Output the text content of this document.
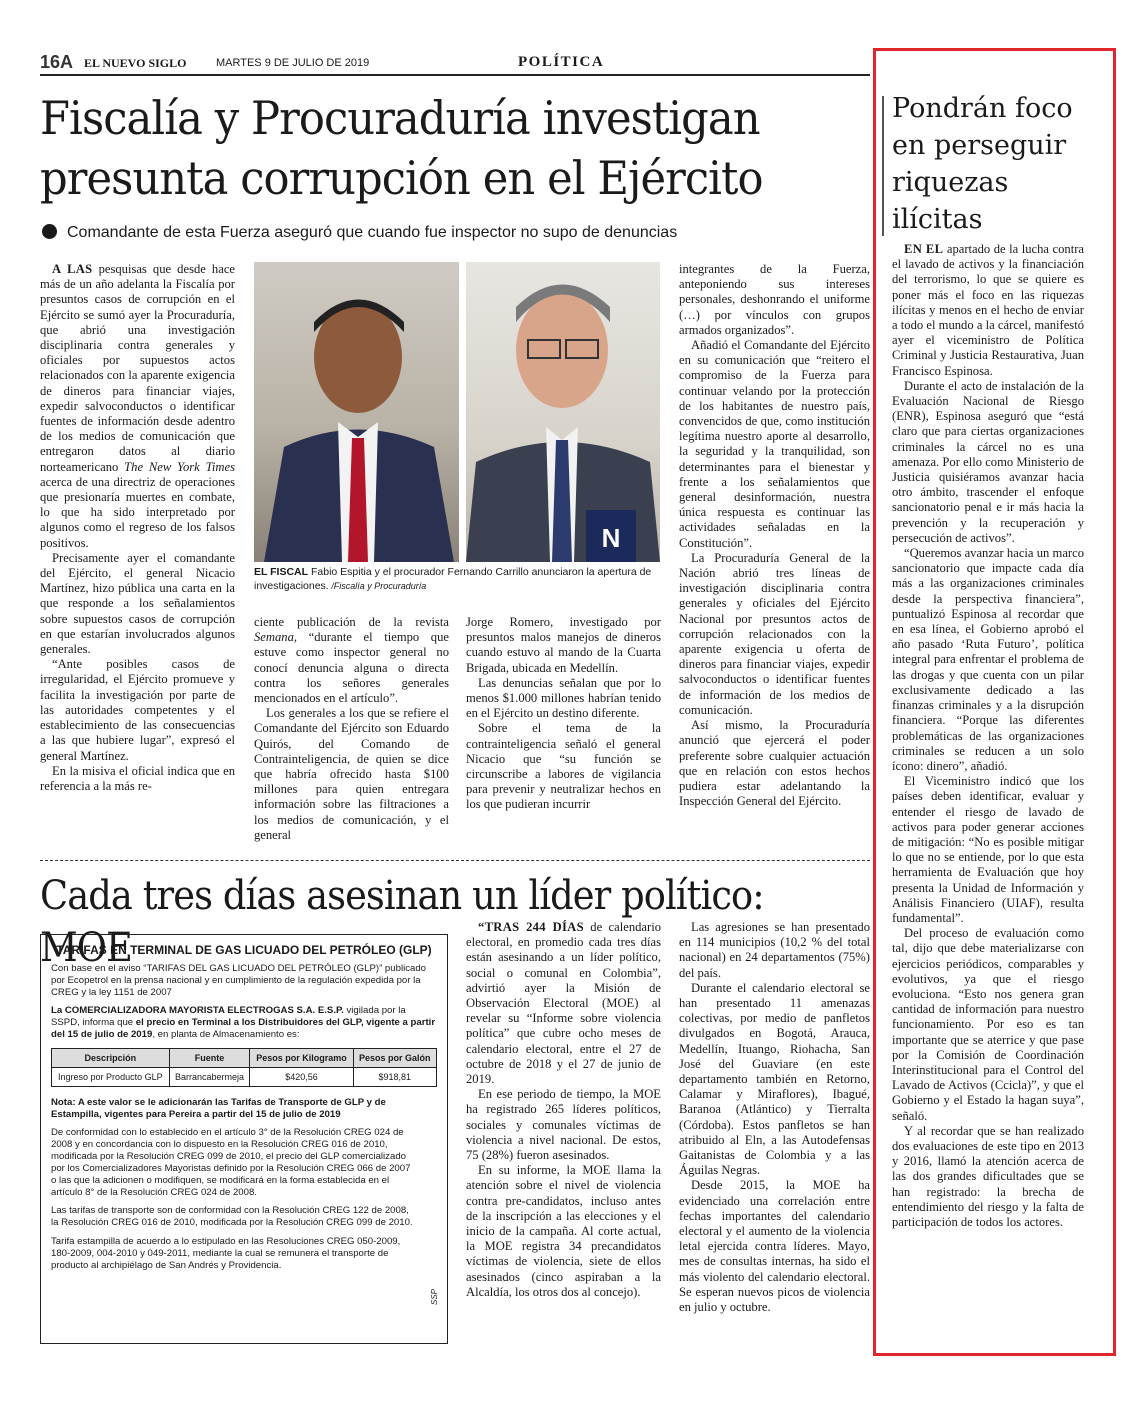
16A EL NUEVO SIGLO	MARTES 9 DE JULIO DE 2019	POLÍTICA
Fiscalía y Procuraduría investigan
presunta corrupción en el Ejército
Comandante de esta Fuerza aseguró que cuando fue inspector no supo de denuncias

A LAS pesquisas que desde hace más de un año adelanta la Fiscalía por presuntos casos de corrupción en el Ejército se sumó ayer la Procuraduría, que abrió una investigación disciplinaria contra generales y oficiales por supuestos actos relacionados con la aparente exigencia de dineros para financiar viajes, expedir salvoconductos o identificar fuentes de información desde adentro de los medios de comunicación que entregaron datos al diario norteamericano The New York Times acerca de una directriz de operaciones que presionaría muertes en combate, lo que ha sido interpretado por algunos como el regreso de los falsos positivos.

Precisamente ayer el comandante del Ejército, el general Nicacio Martínez, hizo pública una carta en la que responde a los señalamientos sobre supuestos casos de corrupción en que estarían involucrados algunos generales.

“Ante posibles casos de irregularidad, el Ejército promueve y facilita la investigación por parte de las autoridades competentes y el establecimiento de las consecuencias a las que hubiere lugar”, expresó el general Martínez.

En la misiva el oficial indica que en referencia a la más re-

N
EL FISCAL Fabio Espitia y el procurador Fernando Carrillo anunciaron la apertura de investigaciones. /Fiscalía y Procuraduría

ciente publicación de la revista Semana, “durante el tiempo que estuve como inspector general no conocí denuncia alguna o directa contra los señores generales mencionados en el artículo”.

Los generales a los que se refiere el Comandante del Ejército son Eduardo Quirós, del Comando de Contrainteligencia, de quien se dice que habría ofrecido hasta $100 millones para quien entregara información sobre las filtraciones a los medios de comunicación, y el general

Jorge Romero, investigado por presuntos malos manejos de dineros cuando estuvo al mando de la Cuarta Brigada, ubicada en Medellín.

Las denuncias señalan que por lo menos $1.000 millones habrían tenido en el Ejército un destino diferente.

Sobre el tema de la contrainteligencia señaló el general Nicacio que “su función se circunscribe a labores de vigilancia para prevenir y neutralizar hechos en los que pudieran incurrir

integrantes de la Fuerza, anteponiendo sus intereses personales, deshonrando el uniforme (…) por vínculos con grupos armados organizados”.

Añadió el Comandante del Ejército en su comunicación que “reitero el compromiso de la Fuerza para continuar velando por la protección de los habitantes de nuestro país, convencidos de que, como institución legítima nuestro aporte al desarrollo, la seguridad y la tranquilidad, son determinantes para el bienestar y frente a los señalamientos que general desinformación, nuestra única respuesta es continuar las actividades señaladas en la Constitución”.

La Procuraduría General de la Nación abrió tres líneas de investigación disciplinaria contra generales y oficiales del Ejército Nacional por presuntos actos de corrupción relacionados con la aparente exigencia u oferta de dineros para financiar viajes, expedir salvoconductos o identificar fuentes de información de los medios de comunicación.

Así mismo, la Procuraduría anunció que ejercerá el poder preferente sobre cualquier actuación que en relación con estos hechos pudiera estar adelantando la Inspección General del Ejército.

Cada tres días asesinan un líder político: MOE
TARIFAS EN TERMINAL DE GAS LICUADO DEL PETRÓLEO (GLP)

Con base en el aviso “TARIFAS DEL GAS LICUADO DEL PETRÓLEO (GLP)” publicado por Ecopetrol en la prensa nacional y en cumplimiento de la regulación expedida por la CREG y la ley 1151 de 2007

La COMERCIALIZADORA MAYORISTA ELECTROGAS S.A. E.S.P. vigilada por la SSPD, informa que el precio en Terminal a los Distribuidores del GLP, vigente a partir del 15 de julio de 2019, en planta de Almacenamiento es:

Descripción	Fuente	Pesos por Kilogramo	Pesos por Galón
Ingreso por Producto GLP	Barrancabermeja	$420,56	$918,81

Nota: A este valor se le adicionarán las Tarifas de Transporte de GLP y de Estampilla, vigentes para Pereira a partir del 15 de julio de 2019

De conformidad con lo establecido en el artículo 3° de la Resolución CREG 024 de 2008 y en concordancia con lo dispuesto en la Resolución CREG 016 de 2010, modificada por la Resolución CREG 099 de 2010, el precio del GLP comercializado por los Comercializadores Mayoristas definido por la Resolución CREG 066 de 2007 o las que la adicionen o modifiquen, se modificará en la forma establecida en el artículo 8° de la Resolución CREG 024 de 2008.

Las tarifas de transporte son de conformidad con la Resolución CREG 122 de 2008, la Resolución CREG 016 de 2010, modificada por la Resolución CREG 099 de 2010.

Tarifa estampilla de acuerdo a lo estipulado en las Resoluciones CREG 050-2009, 180-2009, 004-2010 y 049-2011, mediante la cual se remunera el transporte de producto al archipiélago de San Andrés y Providencia.

SSP

“TRAS 244 DÍAS de calendario electoral, en promedio cada tres días están asesinando a un líder político, social o comunal en Colombia”, advirtió ayer la Misión de Observación Electoral (MOE) al revelar su “Informe sobre violencia política” que cubre ocho meses de calendario electoral, entre el 27 de octubre de 2018 y el 27 de junio de 2019.

En ese periodo de tiempo, la MOE ha registrado 265 líderes políticos, sociales y comunales víctimas de violencia a nivel nacional. De estos, 75 (28%) fueron asesinados.

En su informe, la MOE llama la atención sobre el nivel de violencia contra pre-candidatos, incluso antes de la inscripción a las elecciones y el inicio de la campaña. Al corte actual, la MOE registra 34 precandidatos víctimas de violencia, siete de ellos asesinados (cinco aspiraban a la Alcaldía, los otros dos al concejo).

Las agresiones se han presentado en 114 municipios (10,2 % del total nacional) en 24 departamentos (75%) del país.

Durante el calendario electoral se han presentado 11 amenazas colectivas, por medio de panfletos divulgados en Bogotá, Arauca, Medellín, Ituango, Riohacha, San José del Guaviare (en este departamento también en Retorno, Calamar y Miraflores), Ibagué, Baranoa (Atlántico) y Tierralta (Córdoba). Estos panfletos se han atribuido al Eln, a las Autodefensas Gaitanistas de Colombia y a las Águilas Negras.

Desde 2015, la MOE ha evidenciado una correlación entre fechas importantes del calendario electoral y el aumento de la violencia letal ejercida contra líderes. Mayo, mes de consultas internas, ha sido el más violento del calendario electoral. Se esperan nuevos picos de violencia en julio y octubre.

Pondrán foco
en perseguir
riquezas
ilícitas

EN EL apartado de la lucha contra el lavado de activos y la financiación del terrorismo, lo que se quiere es poner más el foco en las riquezas ilícitas y menos en el hecho de enviar a todo el mundo a la cárcel, manifestó ayer el viceministro de Política Criminal y Justicia Restaurativa, Juan Francisco Espinosa.

Durante el acto de instalación de la Evaluación Nacional de Riesgo (ENR), Espinosa aseguró que “está claro que para ciertas organizaciones criminales la cárcel no es una amenaza. Por ello como Ministerio de Justicia quisiéramos avanzar hacia otro ámbito, trascender el enfoque sancionatorio penal e ir más hacia la prevención y la recuperación y persecución de activos”.

“Queremos avanzar hacia un marco sancionatorio que impacte cada día más a las organizaciones criminales desde la perspectiva financiera”, puntualizó Espinosa al recordar que en esa línea, el Gobierno aprobó el año pasado ‘Ruta Futuro’, política integral para enfrentar el problema de las drogas y que cuenta con un pilar exclusivamente dedicado a las finanzas criminales y a la disrupción financiera. “Porque las diferentes problemáticas de las organizaciones criminales se reducen a un solo ícono: dinero”, añadió.

El Viceministro indicó que los países deben identificar, evaluar y entender el riesgo de lavado de activos para poder generar acciones de mitigación: “No es posible mitigar lo que no se entiende, por lo que esta herramienta de Evaluación que hoy presenta la Unidad de Información y Análisis Financiero (UIAF), resulta fundamental”.

Del proceso de evaluación como tal, dijo que debe materializarse con ejercicios periódicos, comparables y evolutivos, ya que el riesgo evoluciona. “Esto nos genera gran cantidad de información para nuestro funcionamiento. Por eso es tan importante que se aterrice y que pase por la Comisión de Coordinación Interinstitucional para el Control del Lavado de Activos (Ccicla)”, y que el Gobierno y el Estado la hagan suya”, señaló.

Y al recordar que se han realizado dos evaluaciones de este tipo en 2013 y 2016, llamó la atención acerca de las dos grandes dificultades que se han registrado: la brecha de entendimiento del riesgo y la falta de participación de todos los actores.
